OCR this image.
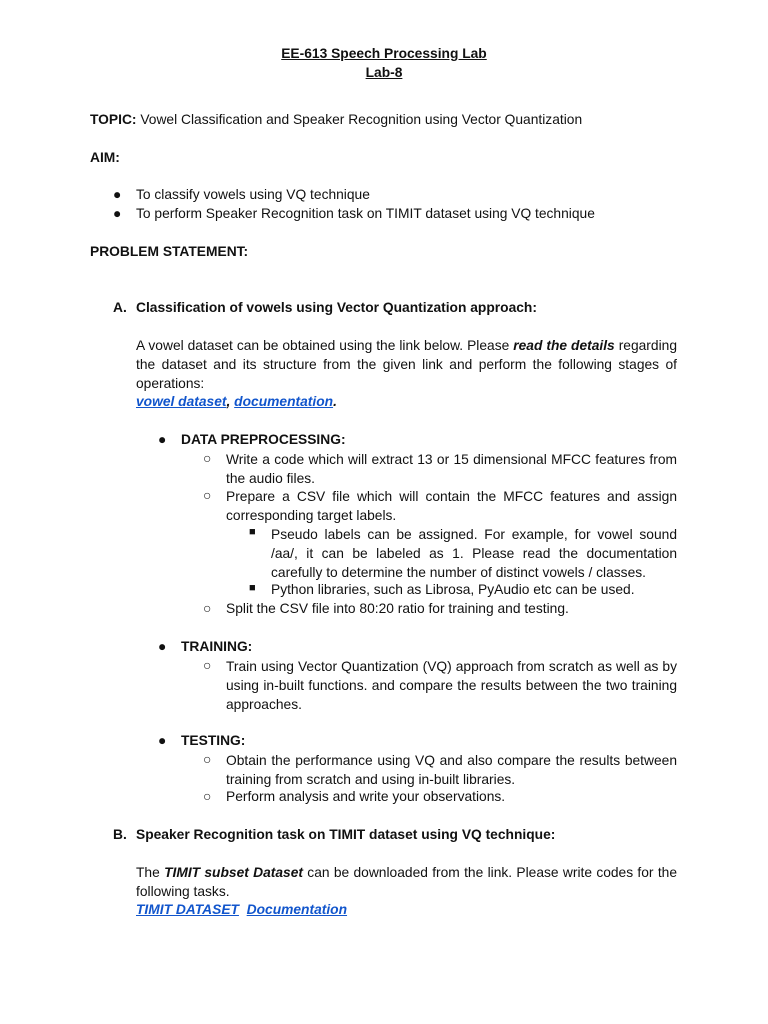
EE-613 Speech Processing Lab
Lab-8
TOPIC: Vowel Classification and Speaker Recognition using Vector Quantization
AIM:
● To classify vowels using VQ technique
● To perform Speaker Recognition task on TIMIT dataset using VQ technique
PROBLEM STATEMENT:
A. Classification of vowels using Vector Quantization approach:
A vowel dataset can be obtained using the link below. Please read the details regarding the dataset and its structure from the given link and perform the following stages of operations:
vowel dataset, documentation.
● DATA PREPROCESSING:
○ Write a code which will extract 13 or 15 dimensional MFCC features from the audio files.
○ Prepare a CSV file which will contain the MFCC features and assign corresponding target labels.
■ Pseudo labels can be assigned. For example, for vowel sound /aa/, it can be labeled as 1. Please read the documentation carefully to determine the number of distinct vowels / classes.
■ Python libraries, such as Librosa, PyAudio etc can be used.
○ Split the CSV file into 80:20 ratio for training and testing.
● TRAINING:
○ Train using Vector Quantization (VQ) approach from scratch as well as by using in-built functions. and compare the results between the two training approaches.
● TESTING:
○ Obtain the performance using VQ and also compare the results between training from scratch and using in-built libraries.
○ Perform analysis and write your observations.
B. Speaker Recognition task on TIMIT dataset using VQ technique:
The TIMIT subset Dataset can be downloaded from the link. Please write codes for the following tasks.
TIMIT DATASET Documentation
